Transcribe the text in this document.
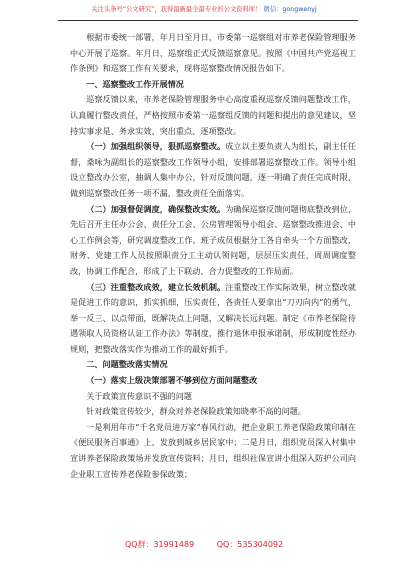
关注头条号“公文研究”，获得最新最全最专业的公文资料库！ 微信：gongwenyj

根据市委统一部署，年月日至月日，市委第一巡察组对市养老保险管理服务中心开展了巡察。年月日，巡察组正式反馈巡察意见。按照《中国共产党巡视工作条例》和巡察工作有关要求，现将巡察整改情况报告如下。

一、巡察整改工作开展情况

巡察反馈以来，市养老保险管理服务中心高度重视巡察反馈问题整改工作，认真履行整改责任，严格按照市委第一巡察组反馈的问题和提出的意见建议，坚持实事求是、务求实效、突出重点、逐项整改。

（一）加强组织领导，狠抓巡察整改。成立以主要负责人为组长，副主任任督，桑咏为副组长的巡察整改工作领导小组，安排部署巡察整改工作。领导小组设立整改办公室，抽调人集中办公，针对反馈问题，逐一明确了责任完成时限，做到巡察整改任务一项不漏，整改责任全面落实。

（二）加强督促调度，确保整改实效。为确保巡察反馈问题彻底整改到位，先后召开主任办公会、责任分工会、公房管理领导小组会、巡察整改推进会、中心工作例会等，研究调度整改工作。班子成员根据分工各自牵头一个方面整改，财务、党建工作人员按照职责分工主动认领问题，层层压实责任，周周调度整改，协调工作配合，形成了上下联动、合力促整改的工作局面。

（三）注重整改成效，建立长效机制。注重整改工作实际效果，树立整改就是促进工作的意识，抓实抓细，压实责任，各责任人要拿出“刀刃向内”的勇气，举一反三、以点带面，既解决点上问题，又解决长远问题。制定《市养老保险待遇领取人员资格认证工作办法》等制度，推行退休申报承诺制，形成制度性经办规则，把整改落实作为推动工作的最好抓手。

二、问题整改落实情况

（一）落实上级决策部署不够到位方面问题整改

关于政策宣传意识不强的问题

针对政策宣传较少，群众对养老保险政策知晓率不高的问题。

一是利用年市“千名党员进万家”春风行动，把企业职工养老保险政策印制在《便民服务百事通》上，发放到城乡居民家中；二是月日，组织党员深入村集中宣讲养老保险政策场并发放宣传资料；月日，组织社保宣讲小组深入防护公司向企业职工宣传养老保险参保政策；

QQ群：31991489	QQ：535304092
